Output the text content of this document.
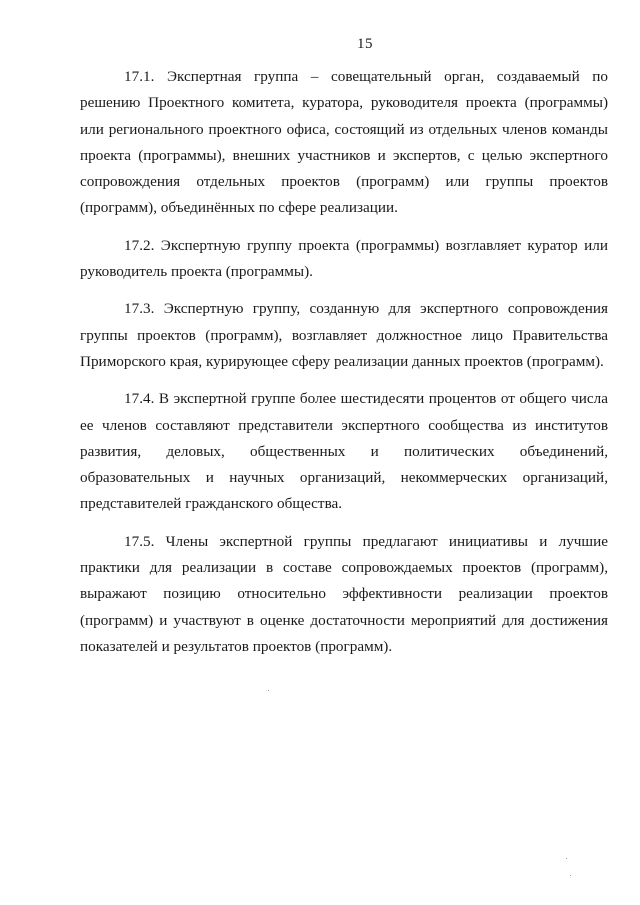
15

17.1. Экспертная группа – совещательный орган, создаваемый по решению Проектного комитета, куратора, руководителя проекта (программы) или регионального проектного офиса, состоящий из отдельных членов команды проекта (программы), внешних участников и экспертов, с целью экспертного сопровождения отдельных проектов (программ) или группы проектов (программ), объединённых по сфере реализации.

17.2. Экспертную группу проекта (программы) возглавляет куратор или руководитель проекта (программы).

17.3. Экспертную группу, созданную для экспертного сопровождения группы проектов (программ), возглавляет должностное лицо Правительства Приморского края, курирующее сферу реализации данных проектов (программ).

17.4. В экспертной группе более шестидесяти процентов от общего числа ее членов составляют представители экспертного сообщества из институтов развития, деловых, общественных и политических объединений, образовательных и научных организаций, некоммерческих организаций, представителей гражданского общества.

17.5. Члены экспертной группы предлагают инициативы и лучшие практики для реализации в составе сопровождаемых проектов (программ), выражают позицию относительно эффективности реализации проектов (программ) и участвуют в оценке достаточности мероприятий для достижения показателей и результатов проектов (программ).
